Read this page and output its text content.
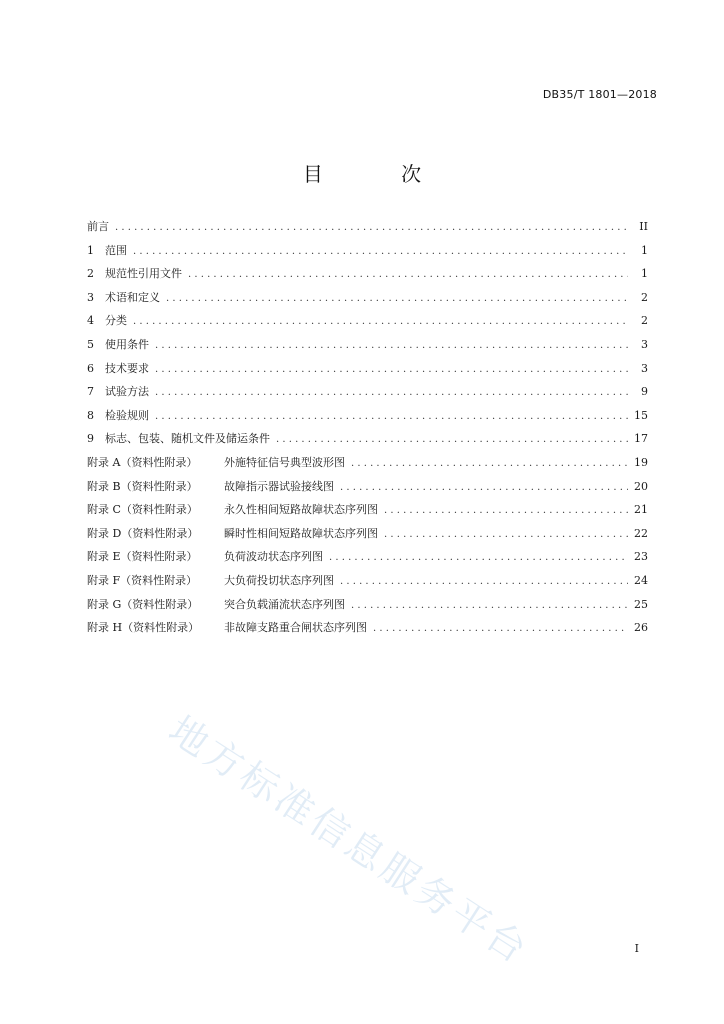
DB35/T 1801—2018
目 次
前言 . . .	II
1	范围 . . .	1
2	规范性引用文件 . . .	1
3	术语和定义 . . .	2
4	分类 . . .	2
5	使用条件 . . .	3
6	技术要求 . . .	3
7	试验方法 . . .	9
8	检验规则 . . .	15
9	标志、包装、随机文件及储运条件 . . .	17
附录 A（资料性附录）	外施特征信号典型波形图 . . .	19
附录 B（资料性附录）	故障指示器试验接线图 . . .	20
附录 C（资料性附录）	永久性相间短路故障状态序列图 . . .	21
附录 D（资料性附录）	瞬时性相间短路故障状态序列图 . . .	22
附录 E（资料性附录）	负荷波动状态序列图 . . .	23
附录 F（资料性附录）	大负荷投切状态序列图 . . .	24
附录 G（资料性附录）	突合负载涌流状态序列图 . . .	25
附录 H（资料性附录）	非故障支路重合闸状态序列图 . . .	26
地方标准信息服务平台	I
